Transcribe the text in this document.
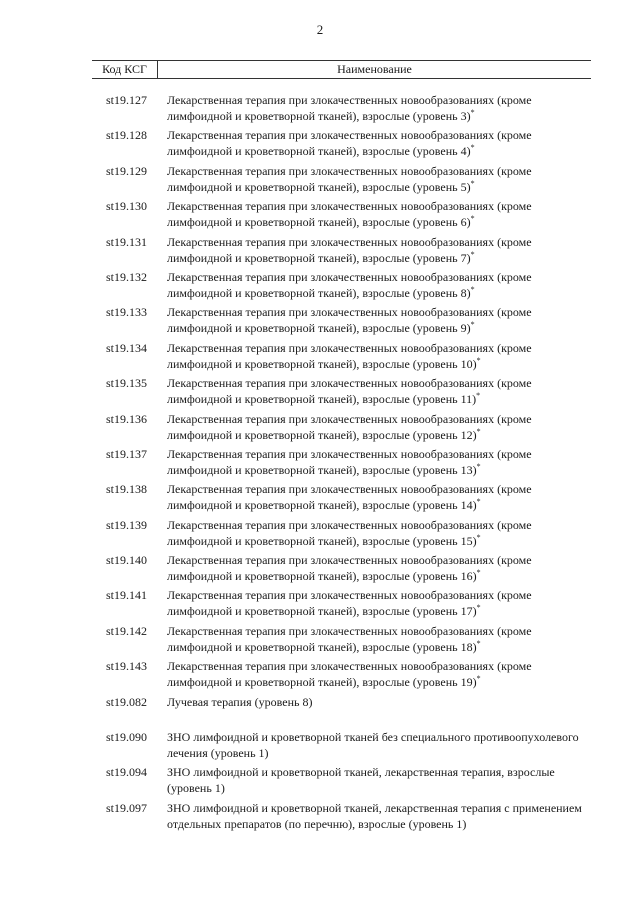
2
Код КСГ	Наименование
st19.127	Лекарственная терапия при злокачественных новообразованиях (кроме лимфоидной и кроветворной тканей), взрослые (уровень 3)*
st19.128	Лекарственная терапия при злокачественных новообразованиях (кроме лимфоидной и кроветворной тканей), взрослые (уровень 4)*
st19.129	Лекарственная терапия при злокачественных новообразованиях (кроме лимфоидной и кроветворной тканей), взрослые (уровень 5)*
st19.130	Лекарственная терапия при злокачественных новообразованиях (кроме лимфоидной и кроветворной тканей), взрослые (уровень 6)*
st19.131	Лекарственная терапия при злокачественных новообразованиях (кроме лимфоидной и кроветворной тканей), взрослые (уровень 7)*
st19.132	Лекарственная терапия при злокачественных новообразованиях (кроме лимфоидной и кроветворной тканей), взрослые (уровень 8)*
st19.133	Лекарственная терапия при злокачественных новообразованиях (кроме лимфоидной и кроветворной тканей), взрослые (уровень 9)*
st19.134	Лекарственная терапия при злокачественных новообразованиях (кроме лимфоидной и кроветворной тканей), взрослые (уровень 10)*
st19.135	Лекарственная терапия при злокачественных новообразованиях (кроме лимфоидной и кроветворной тканей), взрослые (уровень 11)*
st19.136	Лекарственная терапия при злокачественных новообразованиях (кроме лимфоидной и кроветворной тканей), взрослые (уровень 12)*
st19.137	Лекарственная терапия при злокачественных новообразованиях (кроме лимфоидной и кроветворной тканей), взрослые (уровень 13)*
st19.138	Лекарственная терапия при злокачественных новообразованиях (кроме лимфоидной и кроветворной тканей), взрослые (уровень 14)*
st19.139	Лекарственная терапия при злокачественных новообразованиях (кроме лимфоидной и кроветворной тканей), взрослые (уровень 15)*
st19.140	Лекарственная терапия при злокачественных новообразованиях (кроме лимфоидной и кроветворной тканей), взрослые (уровень 16)*
st19.141	Лекарственная терапия при злокачественных новообразованиях (кроме лимфоидной и кроветворной тканей), взрослые (уровень 17)*
st19.142	Лекарственная терапия при злокачественных новообразованиях (кроме лимфоидной и кроветворной тканей), взрослые (уровень 18)*
st19.143	Лекарственная терапия при злокачественных новообразованиях (кроме лимфоидной и кроветворной тканей), взрослые (уровень 19)*
st19.082	Лучевая терапия (уровень 8)
st19.090	ЗНО лимфоидной и кроветворной тканей без специального противоопухолевого лечения (уровень 1)
st19.094	ЗНО лимфоидной и кроветворной тканей, лекарственная терапия, взрослые (уровень 1)
st19.097	ЗНО лимфоидной и кроветворной тканей, лекарственная терапия с применением отдельных препаратов (по перечню), взрослые (уровень 1)
